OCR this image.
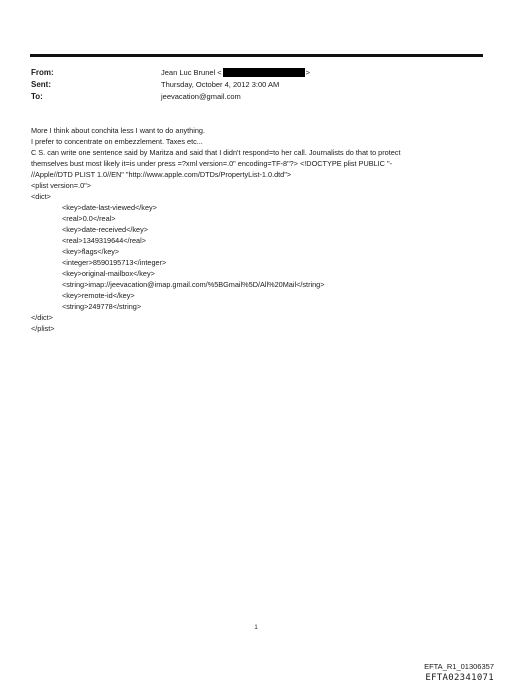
From:	Jean Luc Brunel <	>
Sent:	Thursday, October 4, 2012 3:00 AM
To:	jeevacation@gmail.com
More I think about conchita less I want to do anything.
I prefer to concentrate on embezzlement. Taxes etc...
C S. can write one sentence said by Maritza and said that I didn't respond=to her call. Journalists do that to protect
themselves bust most likely it=is under press =?xml version=.0" encoding=TF-8"?> <!DOCTYPE plist PUBLIC "-
//Apple//DTD PLIST 1.0//EN" "http://www.apple.com/DTDs/PropertyList-1.0.dtd">
<plist version=.0">
<dict>
<key>date-last-viewed</key>
<real>0.0</real>
<key>date-received</key>
<real>1349319644</real>
<key>flags</key>
<integer>8590195713</integer>
<key>original-mailbox</key>
<string>imap://jeevacation@imap.gmail.com/%5BGmail%5D/All%20Mail</string>
<key>remote-id</key>
<string>249778</string>
</dict>
</plist>
1
EFTA_R1_01306357
EFTA02341071
